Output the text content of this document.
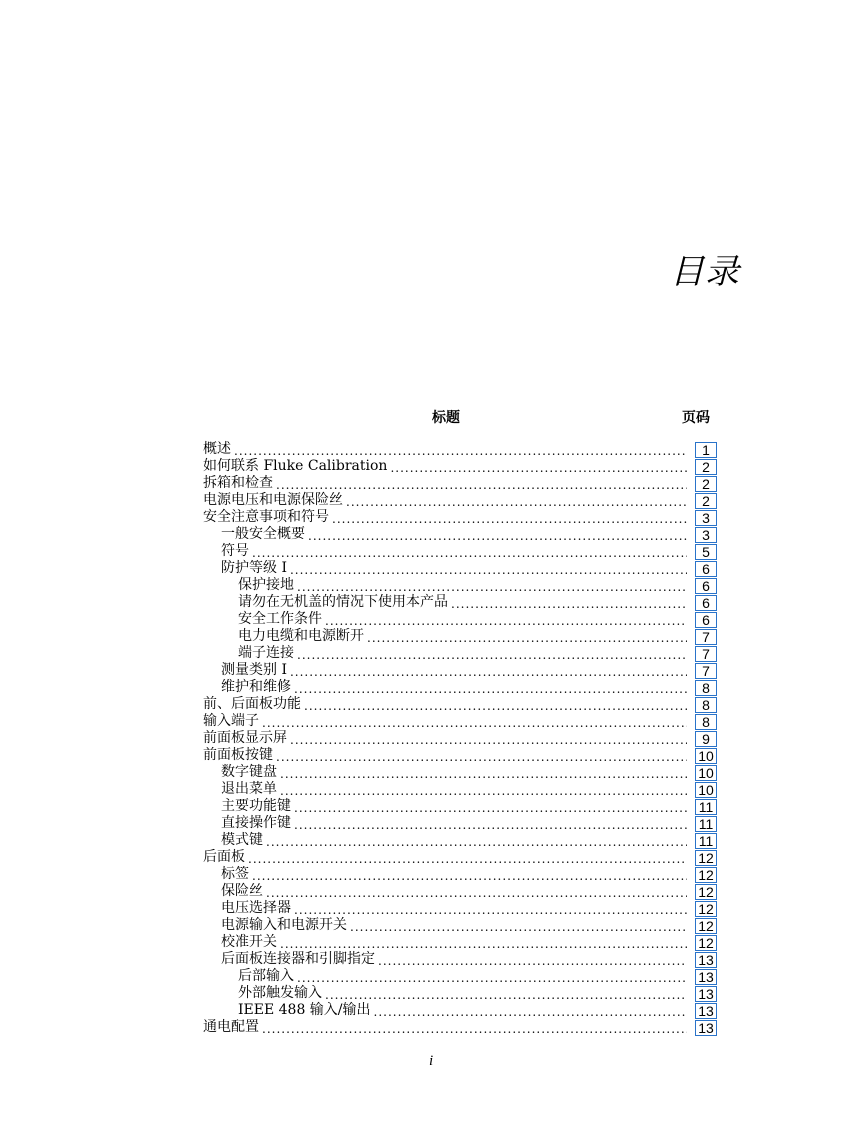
目录
标题	页码
概述 .....	1
如何联系 Fluke Calibration .....	2
拆箱和检查 .....	2
电源电压和电源保险丝 .....	2
安全注意事项和符号 .....	3
一般安全概要 .....	3
符号 .....	5
防护等级 I .....	6
保护接地 .....	6
请勿在无机盖的情况下使用本产品 .....	6
安全工作条件 .....	6
电力电缆和电源断开 .....	7
端子连接 .....	7
测量类别 I .....	7
维护和维修 .....	8
前、后面板功能 .....	8
输入端子 .....	8
前面板显示屏 .....	9
前面板按键 .....	10
数字键盘 .....	10
退出菜单 .....	10
主要功能键 .....	11
直接操作键 .....	11
模式键 .....	11
后面板 .....	12
标签 .....	12
保险丝 .....	12
电压选择器 .....	12
电源输入和电源开关 .....	12
校准开关 .....	12
后面板连接器和引脚指定 .....	13
后部输入 .....	13
外部触发输入 .....	13
IEEE 488 输入/输出 .....	13
通电配置 .....	13
i
